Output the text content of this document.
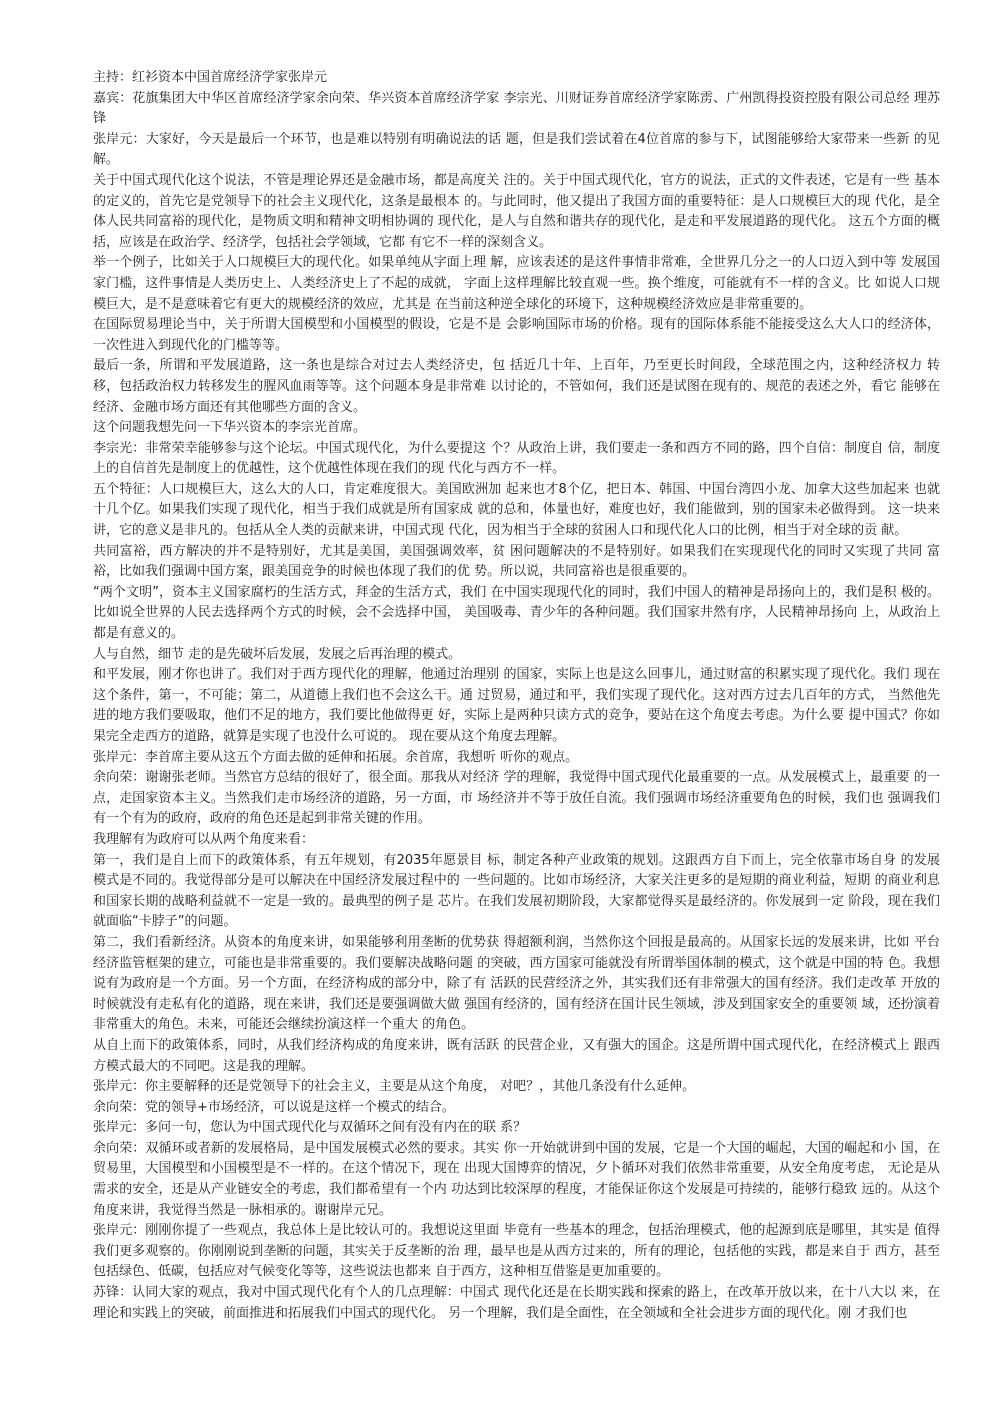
主持：红衫资本中国首席经济学家张岸元

嘉宾：花旗集团大中华区首席经济学家余向荣、华兴资本首席经济学家 李宗光、川财证券首席经济学家陈雳、广州凯得投资控股有限公司总经 理苏锋

张岸元：大家好，今天是最后一个环节，也是难以特别有明确说法的话 题，但是我们尝试着在4位首席的参与下，试图能够给大家带来一些新 的见解。

关于中国式现代化这个说法，不管是理论界还是金融市场，都是高度关 注的。关于中国式现代化，官方的说法，正式的文件表述，它是有一些 基本的定义的，首先它是党领导下的社会主义现代化，这条是最根本 的。与此同时，他又提出了我国方面的重要特征：是人口规模巨大的现 代化，是全体人民共同富裕的现代化，是物质文明和精神文明相协调的 现代化，是人与自然和谐共存的现代化，是走和平发展道路的现代化。 这五个方面的概括，应该是在政治学、经济学，包括社会学领域，它都 有它不一样的深刻含义。

举一个例子，比如关于人口规模巨大的现代化。如果单纯从字面上理 解，应该表述的是这件事情非常难，全世界几分之一的人口迈入到中等 发展国家门槛，这件事情是人类历史上、人类经济史上了不起的成就， 字面上这样理解比较直观一些。换个维度，可能就有不一样的含义。比 如说人口规模巨大，是不是意味着它有更大的规模经济的效应，尤其是 在当前这种逆全球化的环境下，这种规模经济效应是非常重要的。

在国际贸易理论当中，关于所谓大国模型和小国模型的假设，它是不是 会影响国际市场的价格。现有的国际体系能不能接受这么大人口的经济体，一次性进入到现代化的门槛等等。

最后一条，所谓和平发展道路，这一条也是综合对过去人类经济史，包 括近几十年、上百年，乃至更长时间段，全球范围之内，这种经济权力 转移，包括政治权力转移发生的腥风血雨等等。这个问题本身是非常难 以讨论的，不管如何，我们还是试图在现有的、规范的表述之外，看它 能够在经济、金融市场方面还有其他哪些方面的含义。

这个问题我想先问一下华兴资本的李宗光首席。

李宗光：非常荣幸能够参与这个论坛。中国式现代化，为什么要提这 个？从政治上讲，我们要走一条和西方不同的路，四个自信：制度自 信，制度上的自信首先是制度上的优越性，这个优越性体现在我们的现 代化与西方不一样。

五个特征：人口规模巨大，这么大的人口，肯定难度很大。美国欧洲加 起来也才8个亿，把日本、韩国、中国台湾四小龙、加拿大这些加起来 也就十几个亿。如果我们实现了现代化，相当于我们成就是所有国家成 就的总和，体量也好，难度也好，我们能做到，别的国家未必做得到。 这一块来讲，它的意义是非凡的。包括从全人类的贡献来讲，中国式现 代化，因为相当于全球的贫困人口和现代化人口的比例，相当于对全球的贡 献。

共同富裕，西方解决的并不是特别好，尤其是美国，美国强调效率，贫 困问题解决的不是特别好。如果我们在实现现代化的同时又实现了共同 富裕，比如我们强调中国方案，跟美国竞争的时候也体现了我们的优 势。所以说，共同富裕也是很重要的。

“两个文明”，资本主义国家腐朽的生活方式，拜金的生活方式，我们 在中国实现现代化的同时，我们中国人的精神是昂扬向上的，我们是积 极的。比如说全世界的人民去选择两个方式的时候，会不会选择中国， 美国吸毒、青少年的各种问题。我们国家井然有序，人民精神昂扬向 上，从政治上都是有意义的。

人与自然，细节 走的是先破坏后发展，发展之后再治理的模式。

和平发展，刚才你也讲了。我们对于西方现代化的理解，他通过治理别 的国家，实际上也是这么回事儿，通过财富的积累实现了现代化。我们 现在这个条件，第一，不可能；第二，从道德上我们也不会这么干。通 过贸易，通过和平，我们实现了现代化。这对西方过去几百年的方式， 当然他先进的地方我们要吸取，他们不足的地方，我们要比他做得更 好，实际上是两种只读方式的竞争，要站在这个角度去考虑。为什么要 提中国式？你如果完全走西方的道路，就算是实现了也没什么可说的。 现在要从这个角度去理解。

张岸元：李首席主要从这五个方面去做的延伸和拓展。余首席，我想听 听你的观点。

余向荣：谢谢张老师。当然官方总结的很好了，很全面。那我从对经济 学的理解，我觉得中国式现代化最重要的一点。从发展模式上，最重要 的一点，走国家资本主义。当然我们走市场经济的道路，另一方面，市 场经济并不等于放任自流。我们强调市场经济重要角色的时候，我们也 强调我们有一个有为的政府，政府的角色还是起到非常关键的作用。

我理解有为政府可以从两个角度来看：

第一，我们是自上而下的政策体系，有五年规划，有2035年愿景目 标，制定各种产业政策的规划。这跟西方自下而上，完全依靠市场自身 的发展模式是不同的。我觉得部分是可以解决在中国经济发展过程中的 一些问题的。比如市场经济，大家关注更多的是短期的商业利益，短期 的商业利息和国家长期的战略利益就不一定是一致的。最典型的例子是 芯片。在我们发展初期阶段，大家都觉得买是最经济的。你发展到一定 阶段，现在我们就面临“卡脖子”的问题。

第二，我们看新经济。从资本的角度来讲，如果能够利用垄断的优势获 得超额利润，当然你这个回报是最高的。从国家长远的发展来讲，比如 平台经济监管框架的建立，可能也是非常重要的。我们要解决战略问题 的突破，西方国家可能就没有所谓举国体制的模式，这个就是中国的特 色。我想说有为政府是一个方面。另一个方面，在经济构成的部分中，除了有 活跃的民营经济之外，其实我们还有非常强大的国有经济。我们走改革 开放的时候就没有走私有化的道路，现在来讲，我们还是要强调做大做 强国有经济的，国有经济在国计民生领域，涉及到国家安全的重要领 域，还扮演着非常重大的角色。未来，可能还会继续扮演这样一个重大 的角色。

从自上而下的政策体系，同时，从我们经济构成的角度来讲，既有活跃 的民营企业，又有强大的国企。这是所谓中国式现代化，在经济模式上 跟西方模式最大的不同吧。这是我的理解。

张岸元：你主要解释的还是党领导下的社会主义，主要是从这个角度， 对吧？，其他几条没有什么延伸。

余向荣：党的领导+市场经济，可以说是这样一个模式的结合。

张岸元：多问一句，您认为中国式现代化与双循环之间有没有内在的联 系？

余向荣：双循环或者新的发展格局，是中国发展模式必然的要求。其实 你一开始就讲到中国的发展，它是一个大国的崛起，大国的崛起和小 国，在贸易里，大国模型和小国模型是不一样的。在这个情况下，现在 出现大国博弈的情况，夕卜循环对我们依然非常重要，从安全角度考虑， 无论是从需求的安全，还是从产业链安全的考虑，我们都希望有一个内 功达到比较深厚的程度，才能保证你这个发展是可持续的，能够行稳致 远的。从这个角度来讲，我觉得当然是一脉相承的。谢谢岸元兄。

张岸元：刚刚你提了一些观点，我总体上是比较认可的。我想说这里面 毕竟有一些基本的理念，包括治理模式，他的起源到底是哪里，其实是 值得我们更多观察的。你刚刚说到垄断的问题，其实关于反垄断的治 理，最早也是从西方过来的，所有的理论，包括他的实践，都是来自于 西方，甚至包括绿色、低碳，包括应对气候变化等等，这些说法也都来 自于西方，这种相互借鉴是更加重要的。

苏锋：认同大家的观点，我对中国式现代化有个人的几点理解：中国式 现代化还是在长期实践和探索的路上，在改革开放以来，在十八大以 来，在理论和实践上的突破，前面推进和拓展我们中国式的现代化。 另一个理解，我们是全面性，在全领域和全社会进步方面的现代化。刚 才我们也
